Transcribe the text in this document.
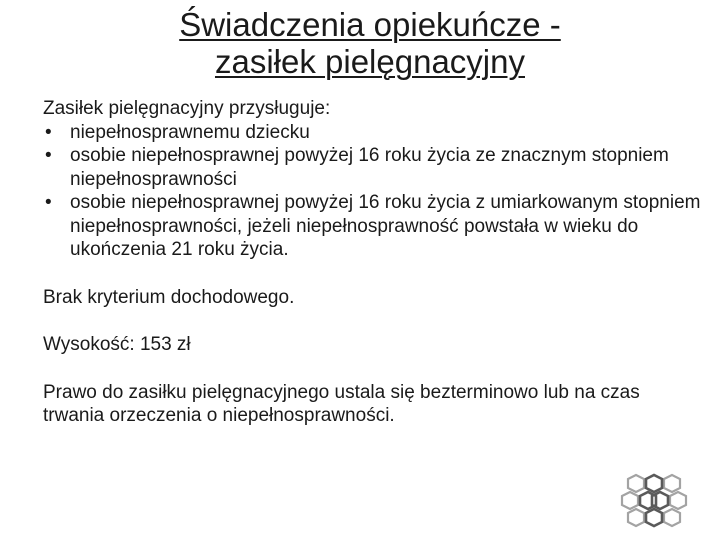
Świadczenia opiekuńcze -
zasiłek pielęgnacyjny

Zasiłek pielęgnacyjny przysługuje:

• niepełnosprawnemu dziecku
• osobie niepełnosprawnej powyżej 16 roku życia ze znacznym stopniem niepełnosprawności
• osobie niepełnosprawnej powyżej 16 roku życia z umiarkowanym stopniem niepełnosprawności, jeżeli niepełnosprawność powstała w wieku do ukończenia 21 roku życia.

Brak kryterium dochodowego.

Wysokość: 153 zł

Prawo do zasiłku pielęgnacyjnego ustala się bezterminowo lub na czas trwania orzeczenia o niepełnosprawności.
